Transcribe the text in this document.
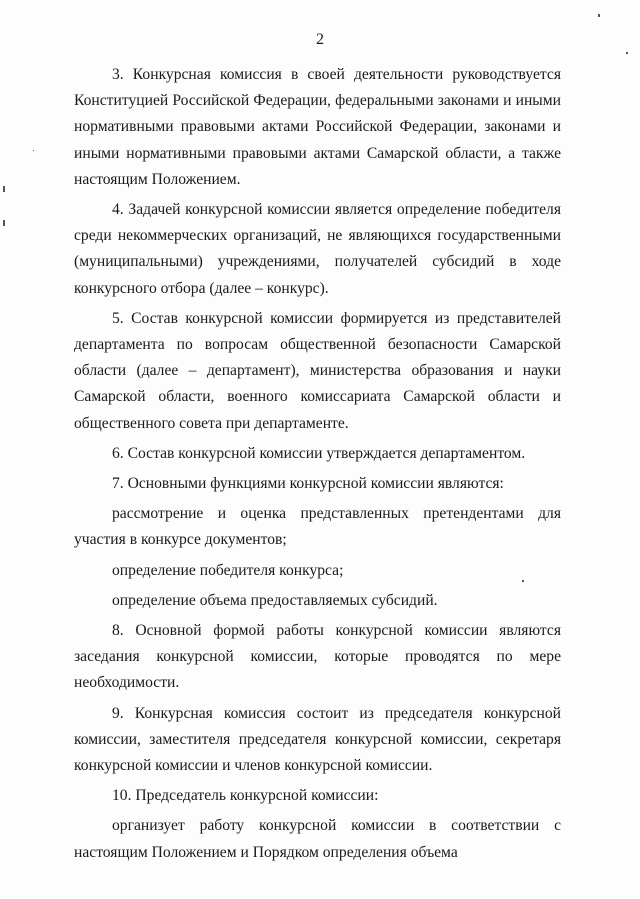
2

3. Конкурсная комиссия в своей деятельности руководствуется Конституцией Российской Федерации, федеральными законами и иными нормативными правовыми актами Российской Федерации, законами и иными нормативными правовыми актами Самарской области, а также настоящим Положением.

4. Задачей конкурсной комиссии является определение победителя среди некоммерческих организаций, не являющихся государственными (муниципальными) учреждениями, получателей субсидий в ходе конкурсного отбора (далее – конкурс).

5. Состав конкурсной комиссии формируется из представителей департамента по вопросам общественной безопасности Самарской области (далее – департамент), министерства образования и науки Самарской области, военного комиссариата Самарской области и общественного совета при департаменте.

6. Состав конкурсной комиссии утверждается департаментом.

7. Основными функциями конкурсной комиссии являются:

рассмотрение и оценка представленных претендентами для участия в конкурсе документов;

определение победителя конкурса;

определение объема предоставляемых субсидий.

8. Основной формой работы конкурсной комиссии являются заседания конкурсной комиссии, которые проводятся по мере необходимости.

9. Конкурсная комиссия состоит из председателя конкурсной комиссии, заместителя председателя конкурсной комиссии, секретаря конкурсной комиссии и членов конкурсной комиссии.

10. Председатель конкурсной комиссии:

организует работу конкурсной комиссии в соответствии с настоящим Положением и Порядком определения объема
